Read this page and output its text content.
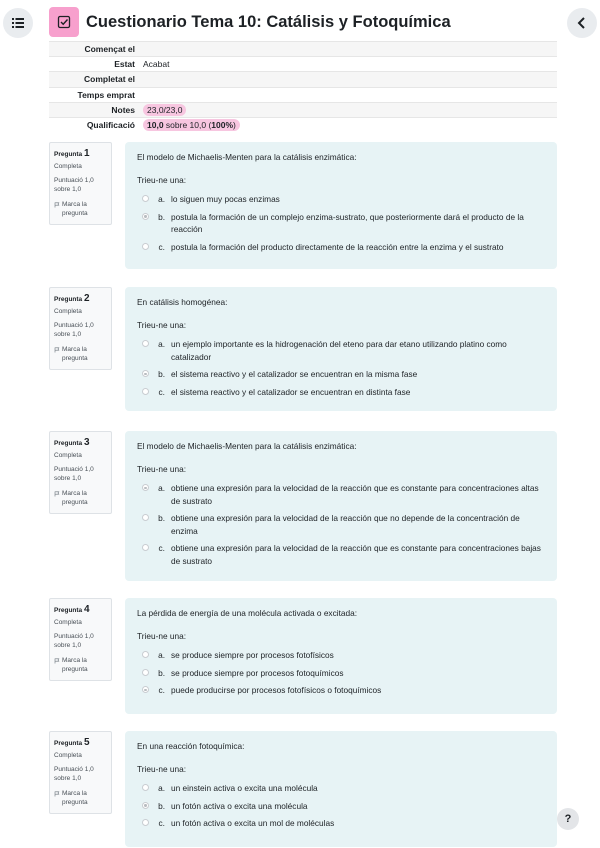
Cuestionario Tema 10: Catálisis y Fotoquímica
Començat el	
Estat	Acabat
Completat el	
Temps emprat	
Notes	23,0/23,0
Qualificació	10,0 sobre 10,0 (100%)
Pregunta 1
Completa
Puntuació 1,0 sobre 1,0
Marca la pregunta
El modelo de Michaelis-Menten para la catálisis enzimática:
Trieu-ne una:
a. lo siguen muy pocas enzimas
b. postula la formación de un complejo enzima-sustrato, que posteriormente dará el producto de la reacción
c. postula la formación del producto directamente de la reacción entre la enzima y el sustrato
Pregunta 2
Completa
Puntuació 1,0 sobre 1,0
Marca la pregunta
En catálisis homogénea:
Trieu-ne una:
a. un ejemplo importante es la hidrogenación del eteno para dar etano utilizando platino como catalizador
b. el sistema reactivo y el catalizador se encuentran en la misma fase
c. el sistema reactivo y el catalizador se encuentran en distinta fase
Pregunta 3
Completa
Puntuació 1,0 sobre 1,0
Marca la pregunta
El modelo de Michaelis-Menten para la catálisis enzimática:
Trieu-ne una:
a. obtiene una expresión para la velocidad de la reacción que es constante para concentraciones altas de sustrato
b. obtiene una expresión para la velocidad de la reacción que no depende de la concentración de enzima
c. obtiene una expresión para la velocidad de la reacción que es constante para concentraciones bajas de sustrato
Pregunta 4
Completa
Puntuació 1,0 sobre 1,0
Marca la pregunta
La pérdida de energía de una molécula activada o excitada:
Trieu-ne una:
a. se produce siempre por procesos fotofísicos
b. se produce siempre por procesos fotoquímicos
c. puede producirse por procesos fotofísicos o fotoquímicos
Pregunta 5
Completa
Puntuació 1,0 sobre 1,0
Marca la pregunta
En una reacción fotoquímica:
Trieu-ne una:
a. un einstein activa o excita una molécula
b. un fotón activa o excita una molécula
c. un fotón activa o excita un mol de moléculas	?
